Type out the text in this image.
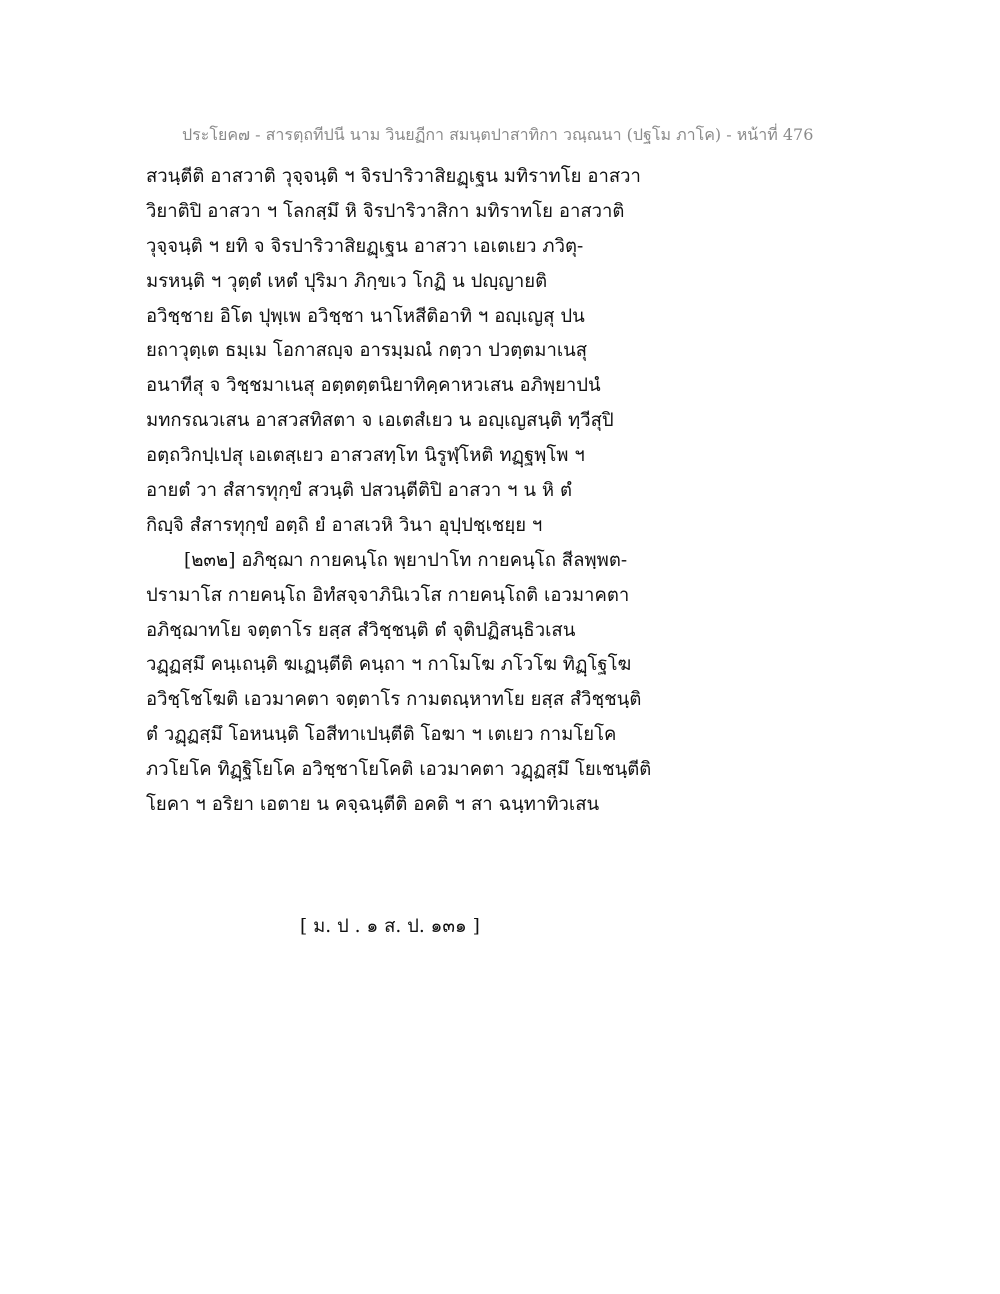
ประโยค๗ - สารตฺถทีปนี นาม วินยฏีกา สมนฺตปาสาทิกา วณฺณนา (ปฐโม ภาโค) - หน้าที่ 476
สวนฺตีติ อาสวาติ วุจฺจนฺติ ฯ จิรปาริวาสิยฏฺเฐน มทิราทโย อาสวา
วิยาติปิ อาสวา ฯ โลกสฺมึ หิ จิรปาริวาสิกา มทิราทโย อาสวาติ
วุจฺจนฺติ ฯ ยทิ จ จิรปาริวาสิยฏฺเฐน อาสวา เอเตเยว ภวิตุ-
มรหนฺติ ฯ วุตฺตํ เหตํ ปุริมา ภิกฺขเว โกฏิ น ปญฺญายติ
อวิชฺชาย อิโต ปุพฺเพ อวิชฺชา นาโหสีติอาทิ ฯ อญฺเญสุ ปน
ยถาวุตฺเต ธมฺเม โอกาสญฺจ อารมฺมณํ กตฺวา ปวตฺตมาเนสุ
อนาทีสุ จ วิชฺชมาเนสุ อตฺตตฺตนิยาทิคฺคาหวเสน อภิพฺยาปนํ
มทกรณวเสน อาสวสทิสตา จ เอเตสํเยว น อญฺเญสนฺติ ทฺวีสุปิ
อตฺถวิกปฺเปสุ เอเตสฺเยว อาสวสทฺโท นิรูฬฺโหติ ทฏฺฐพฺโพ ฯ
อายตํ วา สํสารทุกฺขํ สวนฺติ ปสวนฺตีติปิ อาสวา ฯ น หิ ตํ
กิญฺจิ สํสารทุกฺขํ อตฺถิ ยํ อาสเวหิ วินา อุปฺปชฺเชยฺย ฯ
[๒๓๒] อภิชฺฌา กายคนฺโถ พฺยาปาโท กายคนฺโถ สีลพฺพต-
ปรามาโส กายคนฺโถ อิทํสจฺจาภินิเวโส กายคนฺโถติ เอวมาคตา
อภิชฺฌาทโย จตฺตาโร ยสฺส สํวิชฺชนฺติ ตํ จุติปฏิสนฺธิวเสน
วฏฺฏสฺมึ คนฺเถนฺติ ฆเฏนฺตีติ คนฺถา ฯ กาโมโฆ ภโวโฆ ทิฏฺโฐโฆ
อวิชฺโชโฆติ เอวมาคตา จตฺตาโร กามตณฺหาทโย ยสฺส สํวิชฺชนฺติ
ตํ วฏฺฏสฺมึ โอหนนฺติ โอสีทาเปนฺตีติ โอฆา ฯ เตเยว กามโยโค
ภวโยโค ทิฏฺฐิโยโค อวิชฺชาโยโคติ เอวมาคตา วฏฺฏสฺมึ โยเชนฺตีติ
โยคา ฯ อริยา เอตาย น คจฺฉนฺตีติ อคติ ฯ สา ฉนฺทาทิวเสน
[ ม. ป . ๑ ส. ป. ๑๓๑ ]
